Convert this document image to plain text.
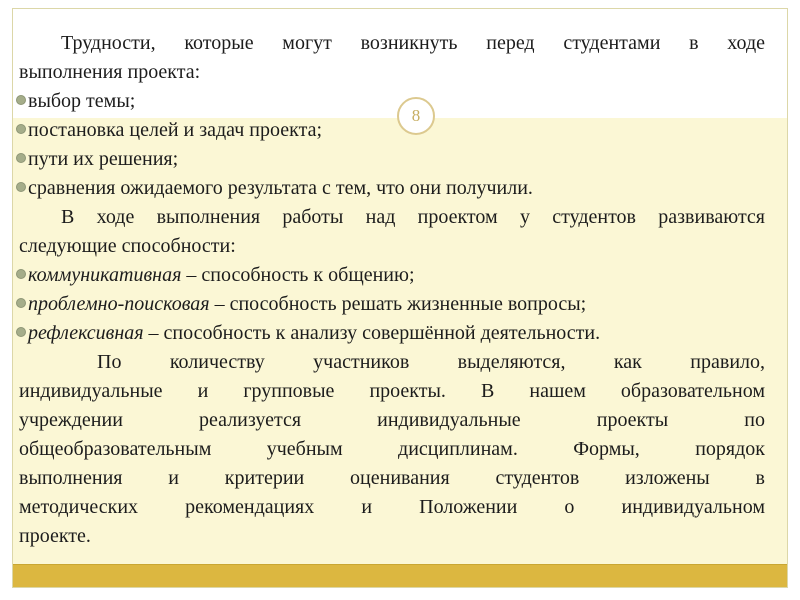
8

Трудности, которые могут возникнуть перед студентами в ходе

выполнения проекта:

выбор темы;

постановка целей и задач проекта;

пути их решения;

сравнения ожидаемого результата с тем, что они получили.

В ходе выполнения работы над проектом у студентов развиваются

следующие способности:

коммуникативная – способность к общению;

проблемно-поисковая – способность решать жизненные вопросы;

рефлексивная – способность к анализу совершённой деятельности.

По количеству участников выделяются, как правило,

индивидуальные и групповые проекты. В нашем образовательном

учреждении реализуется индивидуальные проекты по

общеобразовательным учебным дисциплинам. Формы, порядок

выполнения и критерии оценивания студентов изложены в

методических рекомендациях и Положении о индивидуальном

проекте.
